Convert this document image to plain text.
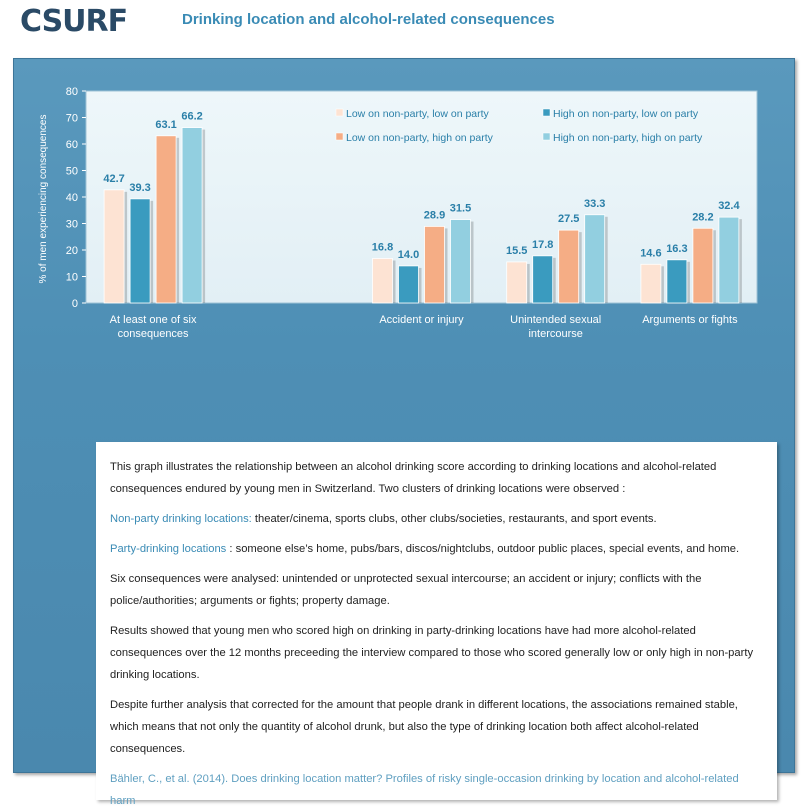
CSURF	Drinking location and alcohol-related consequences
0
10
20
30
40
50
60
70
80
42.7
39.3
63.1
66.2
16.8
14.0
28.9
31.5
15.5
17.8
27.5
33.3
14.6 16.3
28.2
32.4
At least one of six
consequences
Accident or injury	Unintended sexual
intercourse
Arguments or fights
Low on non-party, low on party	High on non-party, low on party
Low on non-party, high on party	High on non-party, high on party
% of men experiencing consequences

This graph illustrates the relationship between an alcohol drinking score according to drinking locations and alcohol-related consequences endured by young men in Switzerland. Two clusters of drinking locations were observed :

Non-party drinking locations: theater/cinema, sports clubs, other clubs/societies, restaurants, and sport events.

Party-drinking locations : someone else’s home, pubs/bars, discos/nightclubs, outdoor public places, special events, and home.

Six consequences were analysed: unintended or unprotected sexual intercourse; an accident or injury; conflicts with the police/authorities; arguments or fights; property damage.

Results showed that young men who scored high on drinking in party-drinking locations have had more alcohol-related consequences over the 12 months preceeding the interview compared to those who scored generally low or only high in non-party drinking locations.

Despite further analysis that corrected for the amount that people drank in different locations, the associations remained stable, which means that not only the quantity of alcohol drunk, but also the type of drinking location both affect alcohol-related consequences.

Bähler, C., et al. (2014). Does drinking location matter? Profiles of risky single-occasion drinking by location and alcohol-related harm
